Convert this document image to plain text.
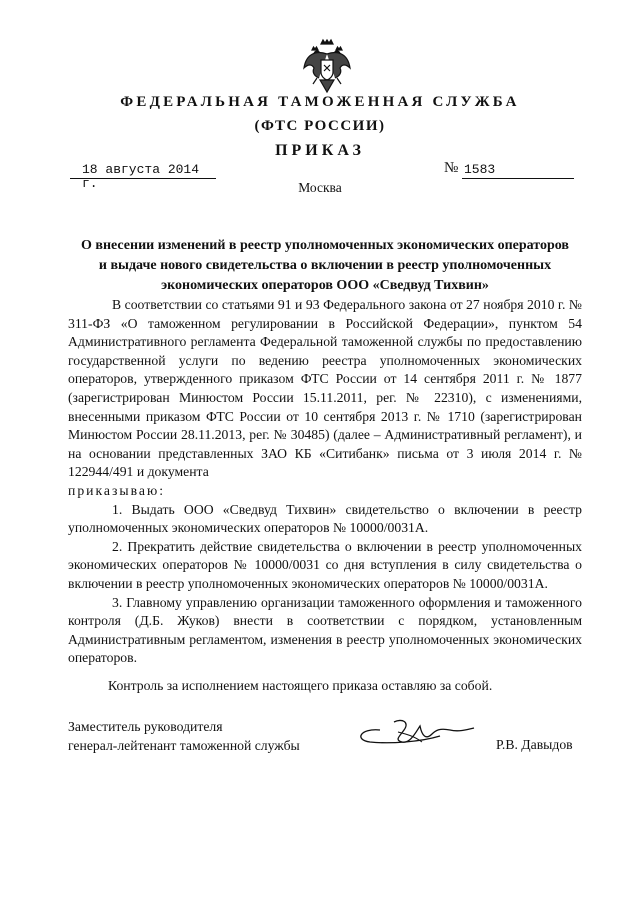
ФЕДЕРАЛЬНАЯ ТАМОЖЕННАЯ СЛУЖБА
(ФТС РОССИИ)
ПРИКАЗ
18 августа 2014 г.
№ 1583
Москва
О внесении изменений в реестр уполномоченных экономических операторов
и выдаче нового свидетельства о включении в реестр уполномоченных
экономических операторов ООО «Сведвуд Тихвин»
В соответствии со статьями 91 и 93 Федерального закона от 27 ноября 2010 г. № 311-ФЗ «О таможенном регулировании в Российской Федерации», пунктом 54 Административного регламента Федеральной таможенной службы по предоставлению государственной услуги по ведению реестра уполномоченных экономических операторов, утвержденного приказом ФТС России от 14 сентября 2011 г. № 1877 (зарегистрирован Минюстом России 15.11.2011, рег. № 22310), с изменениями, внесенными приказом ФТС России от 10 сентября 2013 г. № 1710 (зарегистрирован Минюстом России 28.11.2013, рег. № 30485) (далее – Административный регламент), и на основании представленных ЗАО КБ «Ситибанк» письма от 3 июля 2014 г. № 122944/491 и документа
приказываю:
1. Выдать ООО «Сведвуд Тихвин» свидетельство о включении в реестр уполномоченных экономических операторов № 10000/0031А.
2. Прекратить действие свидетельства о включении в реестр уполномоченных экономических операторов № 10000/0031 со дня вступления в силу свидетельства о включении в реестр уполномоченных экономических операторов № 10000/0031А.
3. Главному управлению организации таможенного оформления и таможенного контроля (Д.Б. Жуков) внести в соответствии с порядком, установленным Административным регламентом, изменения в реестр уполномоченных экономических операторов.
Контроль за исполнением настоящего приказа оставляю за собой.
Заместитель руководителя
генерал-лейтенант таможенной службы	Р.В. Давыдов
